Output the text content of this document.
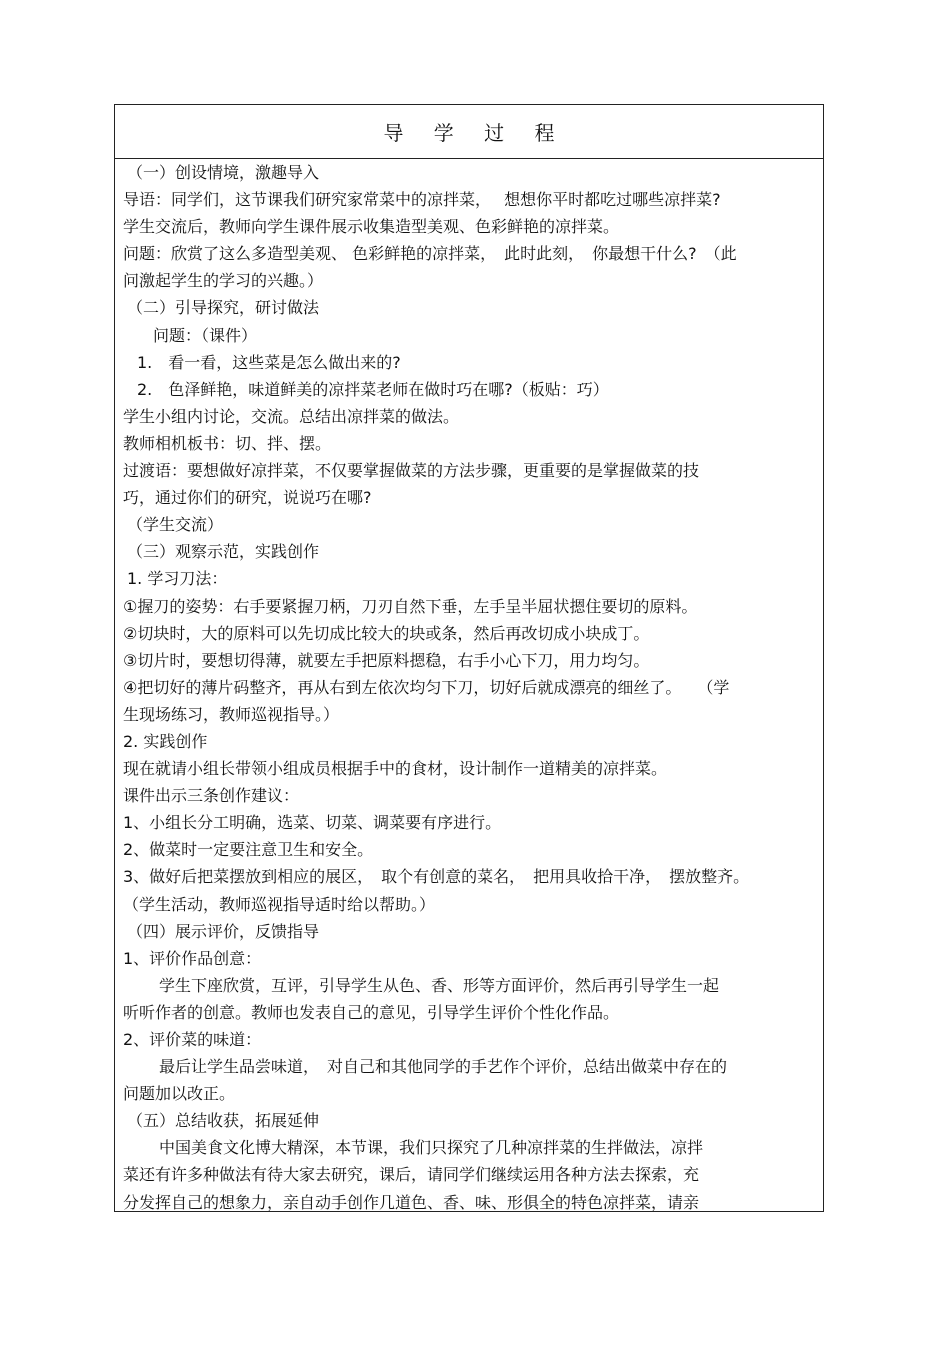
导 学 过 程
（一）创设情境，激趣导入
导语：同学们，这节课我们研究家常菜中的凉拌菜，　 想想你平时都吃过哪些凉拌菜?
学生交流后，教师向学生课件展示收集造型美观、色彩鲜艳的凉拌菜。
问题：欣赏了这么多造型美观、 色彩鲜艳的凉拌菜，　此时此刻，　你最想干什么?　（此
问激起学生的学习的兴趣。）
（二）引导探究，研讨做法
问题：（课件）
1.　看一看，这些菜是怎么做出来的?
2.　色泽鲜艳，味道鲜美的凉拌菜老师在做时巧在哪?（板贴：巧）
学生小组内讨论，交流。总结出凉拌菜的做法。
教师相机板书：切、拌、摆。
过渡语：要想做好凉拌菜，不仅要掌握做菜的方法步骤，更重要的是掌握做菜的技
巧，通过你们的研究，说说巧在哪?
（学生交流）
（三）观察示范，实践创作
1. 学习刀法：
①握刀的姿势：右手要紧握刀柄，刀刃自然下垂，左手呈半屈状摁住要切的原料。
②切块时，大的原料可以先切成比较大的块或条，然后再改切成小块成丁。
③切片时，要想切得薄，就要左手把原料摁稳，右手小心下刀，用力均匀。
④把切好的薄片码整齐，再从右到左依次均匀下刀，切好后就成漂亮的细丝了。　　（学
生现场练习，教师巡视指导。）
2. 实践创作
现在就请小组长带领小组成员根据手中的食材，设计制作一道精美的凉拌菜。
课件出示三条创作建议：
1、小组长分工明确，选菜、切菜、调菜要有序进行。
2、做菜时一定要注意卫生和安全。
3、做好后把菜摆放到相应的展区，　取个有创意的菜名，　把用具收拾干净，　摆放整齐。
（学生活动，教师巡视指导适时给以帮助。）
（四）展示评价，反馈指导
1、评价作品创意：
学生下座欣赏，互评，引导学生从色、香、形等方面评价，然后再引导学生一起
听听作者的创意。教师也发表自己的意见，引导学生评价个性化作品。
2、评价菜的味道：
最后让学生品尝味道，　对自己和其他同学的手艺作个评价，总结出做菜中存在的
问题加以改正。
（五）总结收获，拓展延伸
中国美食文化博大精深，本节课，我们只探究了几种凉拌菜的生拌做法，凉拌
菜还有许多种做法有待大家去研究，课后，请同学们继续运用各种方法去探索，充
分发挥自己的想象力，亲自动手创作几道色、香、味、形俱全的特色凉拌菜，请亲
